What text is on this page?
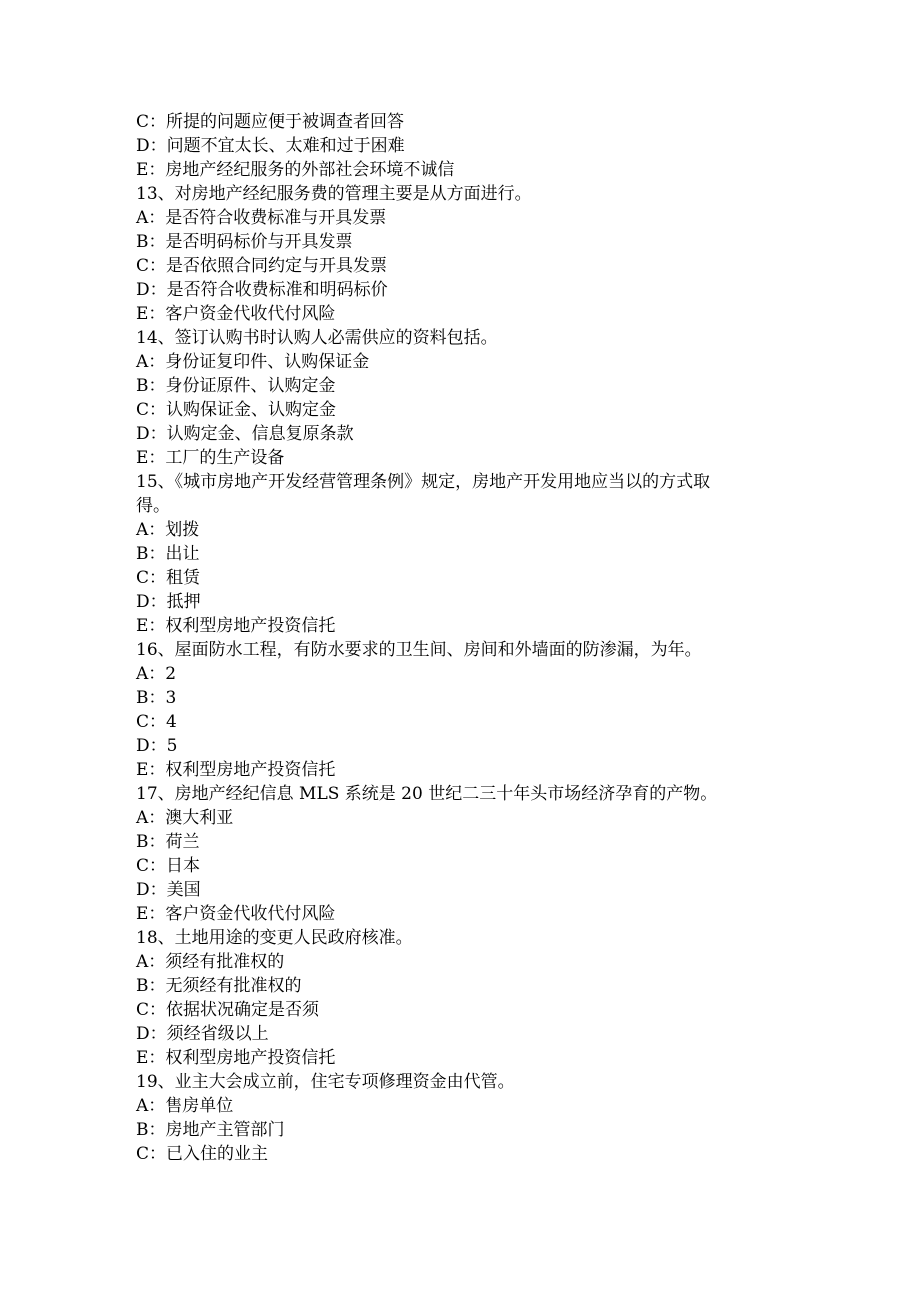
C：所提的问题应便于被调查者回答
D：问题不宜太长、太难和过于困难
E：房地产经纪服务的外部社会环境不诚信
13、对房地产经纪服务费的管理主要是从方面进行。
A：是否符合收费标准与开具发票
B：是否明码标价与开具发票
C：是否依照合同约定与开具发票
D：是否符合收费标准和明码标价
E：客户资金代收代付风险
14、签订认购书时认购人必需供应的资料包括。
A：身份证复印件、认购保证金
B：身份证原件、认购定金
C：认购保证金、认购定金
D：认购定金、信息复原条款
E：工厂的生产设备
15、《城市房地产开发经营管理条例》规定，房地产开发用地应当以的方式取
得。
A：划拨
B：出让
C：租赁
D：抵押
E：权利型房地产投资信托
16、屋面防水工程，有防水要求的卫生间、房间和外墙面的防渗漏，为年。
A：2
B：3
C：4
D：5
E：权利型房地产投资信托
17、房地产经纪信息 MLS 系统是 20 世纪二三十年头市场经济孕育的产物。
A：澳大利亚
B：荷兰
C：日本
D：美国
E：客户资金代收代付风险
18、土地用途的变更人民政府核准。
A：须经有批准权的
B：无须经有批准权的
C：依据状况确定是否须
D：须经省级以上
E：权利型房地产投资信托
19、业主大会成立前，住宅专项修理资金由代管。
A：售房单位
B：房地产主管部门
C：已入住的业主
